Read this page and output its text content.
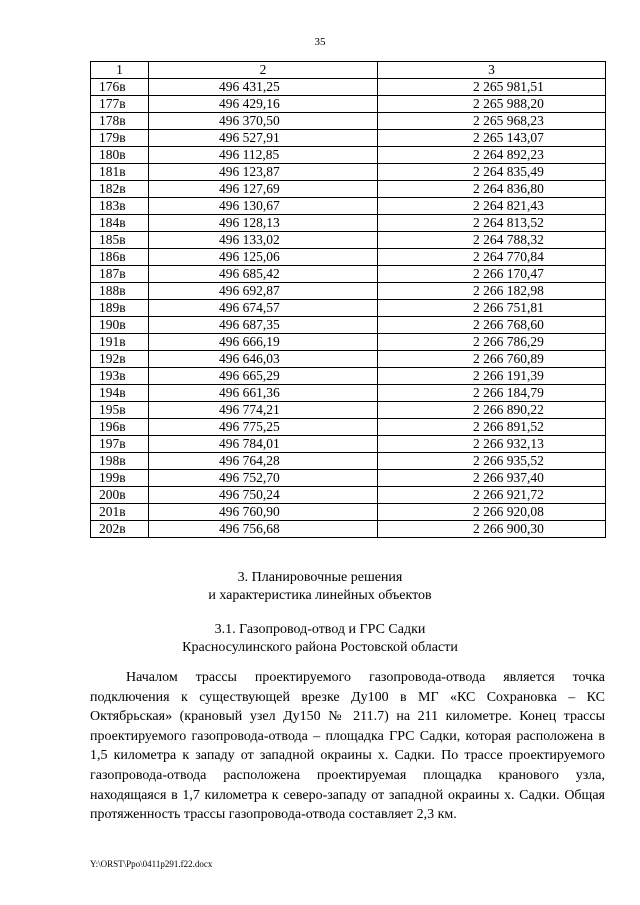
35
1	2	3
176в	496 431,25	2 265 981,51
177в	496 429,16	2 265 988,20
178в	496 370,50	2 265 968,23
179в	496 527,91	2 265 143,07
180в	496 112,85	2 264 892,23
181в	496 123,87	2 264 835,49
182в	496 127,69	2 264 836,80
183в	496 130,67	2 264 821,43
184в	496 128,13	2 264 813,52
185в	496 133,02	2 264 788,32
186в	496 125,06	2 264 770,84
187в	496 685,42	2 266 170,47
188в	496 692,87	2 266 182,98
189в	496 674,57	2 266 751,81
190в	496 687,35	2 266 768,60
191в	496 666,19	2 266 786,29
192в	496 646,03	2 266 760,89
193в	496 665,29	2 266 191,39
194в	496 661,36	2 266 184,79
195в	496 774,21	2 266 890,22
196в	496 775,25	2 266 891,52
197в	496 784,01	2 266 932,13
198в	496 764,28	2 266 935,52
199в	496 752,70	2 266 937,40
200в	496 750,24	2 266 921,72
201в	496 760,90	2 266 920,08
202в	496 756,68	2 266 900,30
3. Планировочные решения
и характеристика линейных объектов
3.1. Газопровод-отвод и ГРС Садки
Красносулинского района Ростовской области

Началом трассы проектируемого газопровода-отвода является точка подключения к существующей врезке Ду100 в МГ «КС Сохрановка – КС Октябрьская» (крановый узел Ду150 № 211.7) на 211 километре. Конец трассы проектируемого газопровода-отвода – площадка ГРС Садки, которая расположена в 1,5 километра к западу от западной окраины х. Садки. По трассе проектируемого газопровода-отвода расположена проектируемая площадка кранового узла, находящаяся в 1,7 километра к северо-западу от западной окраины х. Садки. Общая протяженность трассы газопровода-отвода составляет 2,3 км.

Y:\ORST\Ppo\0411p291.f22.docx
